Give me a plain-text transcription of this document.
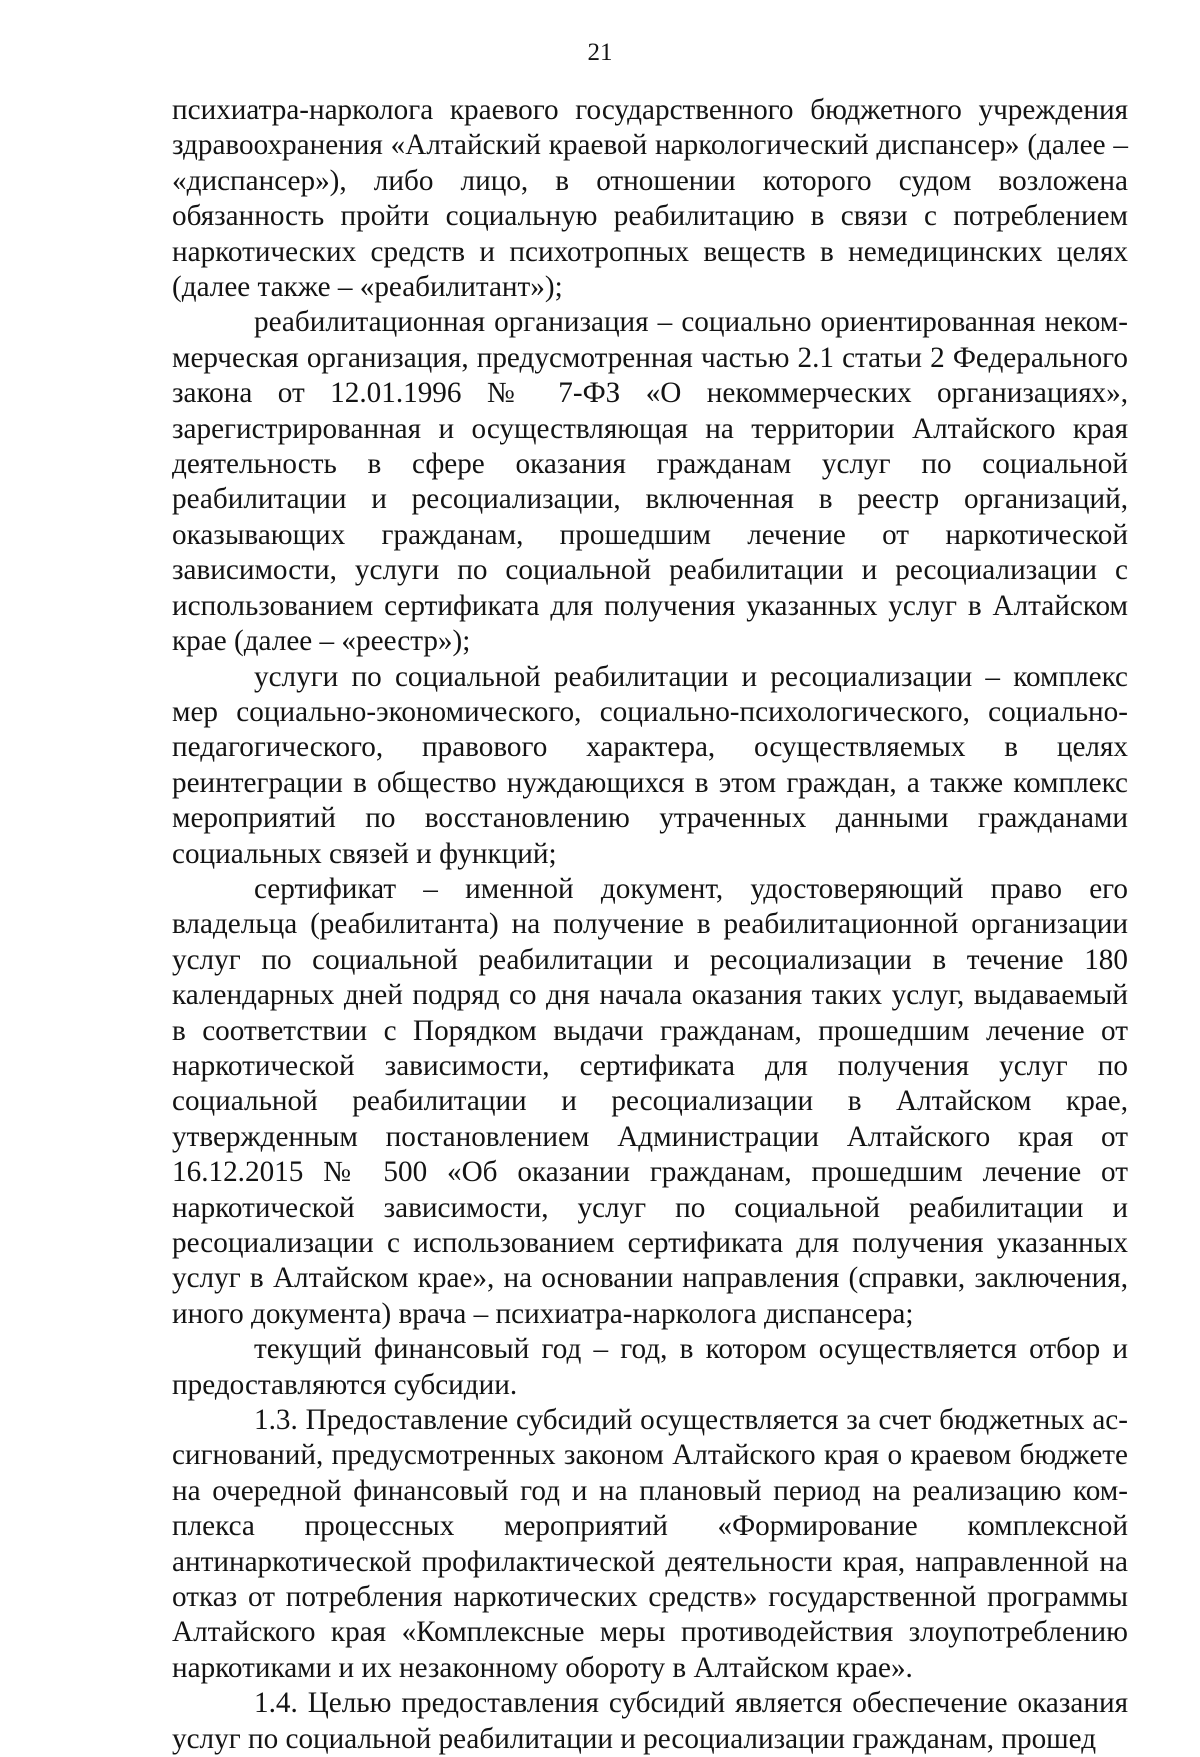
21

психиатра-нарколога краевого государственного бюджетного учреждения здравоохранения «Алтайский краевой наркологический диспансер» (далее – «диспансер»), либо лицо, в отношении которого судом возложена обязанность пройти социальную реабилитацию в связи с потреблением наркотических средств и психотропных веществ в немедицинских целях (далее также – «реабилитант»);

реабилитационная организация – социально ориентированная некоммерческая организация, предусмотренная частью 2.1 статьи 2 Федерального закона от 12.01.1996 № 7-ФЗ «О некоммерческих организациях», зарегистрированная и осуществляющая на территории Алтайского края деятельность в сфере оказания гражданам услуг по социальной реабилитации и ресоциализации, включенная в реестр организаций, оказывающих гражданам, прошедшим лечение от наркотической зависимости, услуги по социальной реабилитации и ресоциализации с использованием сертификата для получения указанных услуг в Алтайском крае (далее – «реестр»);

услуги по социальной реабилитации и ресоциализации – комплекс мер социально-экономического, социально-психологического, социально-педагогического, правового характера, осуществляемых в целях реинтеграции в общество нуждающихся в этом граждан, а также комплекс мероприятий по восстановлению утраченных данными гражданами социальных связей и функций;

сертификат – именной документ, удостоверяющий право его владельца (реабилитанта) на получение в реабилитационной организации услуг по социальной реабилитации и ресоциализации в течение 180 календарных дней подряд со дня начала оказания таких услуг, выдаваемый в соответствии с Порядком выдачи гражданам, прошедшим лечение от наркотической зависимости, сертификата для получения услуг по социальной реабилитации и ресоциализации в Алтайском крае, утвержденным постановлением Администрации Алтайского края от 16.12.2015 № 500 «Об оказании гражданам, прошедшим лечение от наркотической зависимости, услуг по социальной реабилитации и ресоциализации с использованием сертификата для получения указанных услуг в Алтайском крае», на основании направления (справки, заключения, иного документа) врача – психиатра-нарколога диспансера;

текущий финансовый год – год, в котором осуществляется отбор и предоставляются субсидии.

1.3. Предоставление субсидий осуществляется за счет бюджетных ассигнований, предусмотренных законом Алтайского края о краевом бюджете на очередной финансовый год и на плановый период на реализацию комплекса процессных мероприятий «Формирование комплексной антинаркотической профилактической деятельности края, направленной на отказ от потребления наркотических средств» государственной программы Алтайского края «Комплексные меры противодействия злоупотреблению наркотиками и их незаконному обороту в Алтайском крае».

1.4. Целью предоставления субсидий является обеспечение оказания услуг по социальной реабилитации и ресоциализации гражданам, прошед
